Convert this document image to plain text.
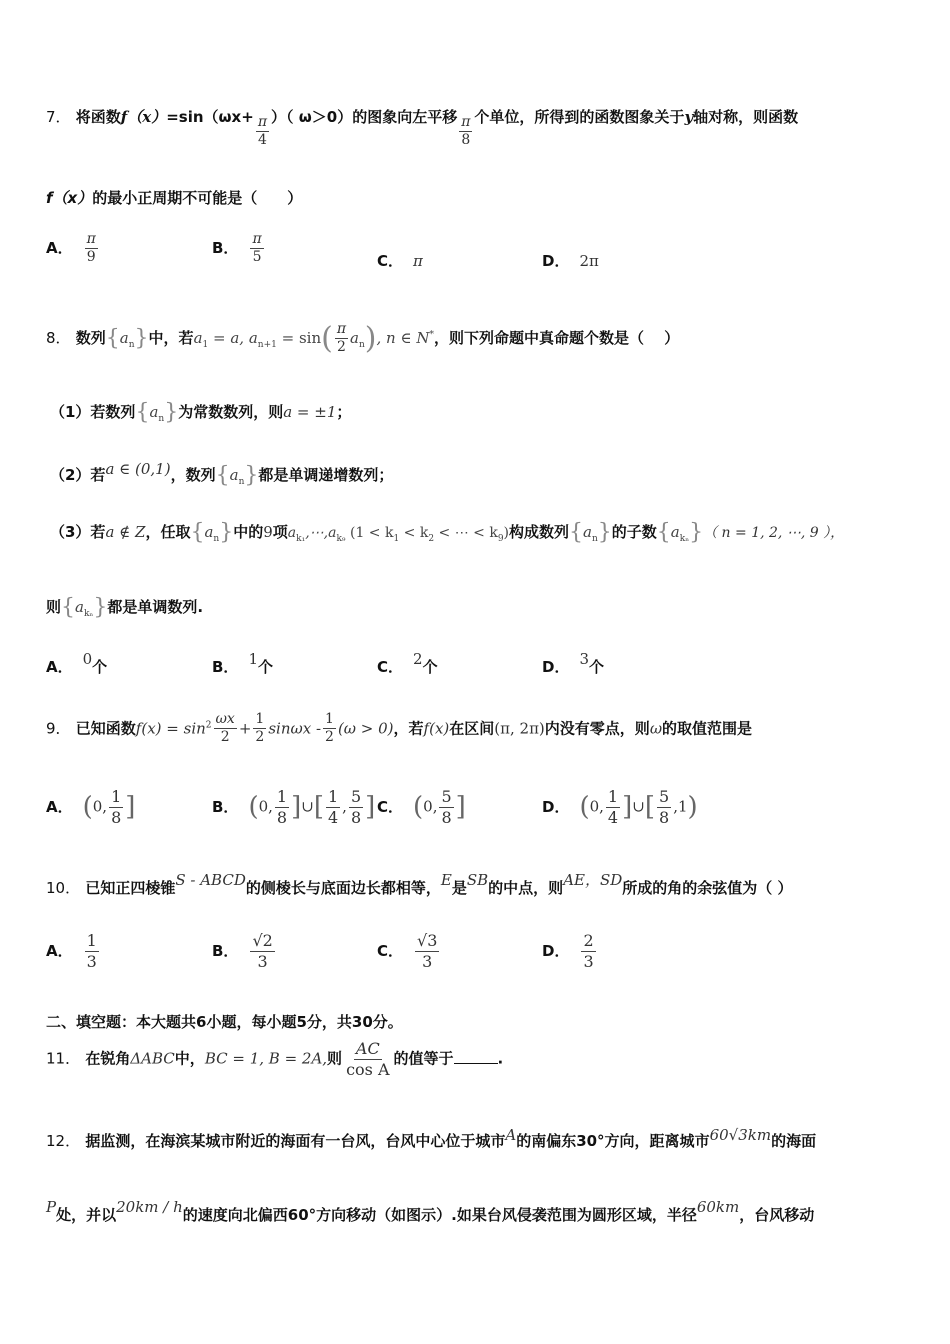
7． 将函数$f(x)=\sin(\omega x+ \frac{\pi}{4}$ ）（ ω＞0）的图象向左平移 $\frac{\pi}{8}$ 个单位，所得到的函数图象关于y轴对称，则函数
f（x）的最小正周期不可能是（　　）
A． $\frac{\pi}{9}$	B． $\frac{\pi}{5}$	C． π	D． 2π
8． 数列$\{a_n\}$中，若$a_1 = a$, $a_{n+1} = \sin( \frac{\pi}{2} a_n)$, n ∈ N*，则下列命题中真命题个数是（　 ）
（1）若数列$\{a_n\}$为常数数列，则a = ±1；
（2）若a ∈ (0,1)，数列$\{a_n\}$都是单调递增数列；
（3）若a ∉ Z，任取$\{a_n\}$中的9项$a_{k_1},\cdots,a_{k_9}$ ($1 < k_1 < k_2$ < ⋯ < $k_9$)构成数列$\{a_n\}$的子数$\{a_{k_n}\}$（ n = 1, 2, ⋯, 9 ），
则$\{a_{k_n}\}$都是单调数列.
A． 0个	B． 1个	C． 2个	D． 3个
9． 已知函数$f(x) = \sin^2 \frac{\omega x}{2} + \frac{1}{2}$ $\sin\omega x - \frac{1}{2} (\omega > 0)$，若f(x)在区间(π, 2π)内没有零点，则ω的取值范围是
A． (0, $\frac{1}{8}$ ]	B． (0, $\frac{1}{8}$ ]∪[ $\frac{1}{4}$ , $\frac{5}{8}$ ] C． (0, $\frac{5}{8}$ ]	D． (0, $\frac{1}{4}$ ]∪[ $\frac{5}{8} ,1$)
10． 已知正四棱锥S - ABCD的侧棱长与底面边长都相等，E是SB的中点，则AE，SD所成的角的余弦值为（ ）
A． $\frac{1}{3}$	B． $\frac{√2}{3}$	C． $\frac{√3}{3}$	D． $\frac{2}{3}$
二、填空题：本大题共6小题，每小题5分，共30分。
11． 在锐角ΔABC中，BC = 1, B = 2A,则 $\frac{AC}{\text{cos A}}$ 的值等于	.
12． 据监测，在海滨某城市附近的海面有一台风，台风中心位于城市A的南偏东30°方向，距离城市60√3km的海面
P处，并以20km / h的速度向北偏西60°方向移动（如图示）.如果台风侵袭范围为圆形区域，半径60km，台风移动
